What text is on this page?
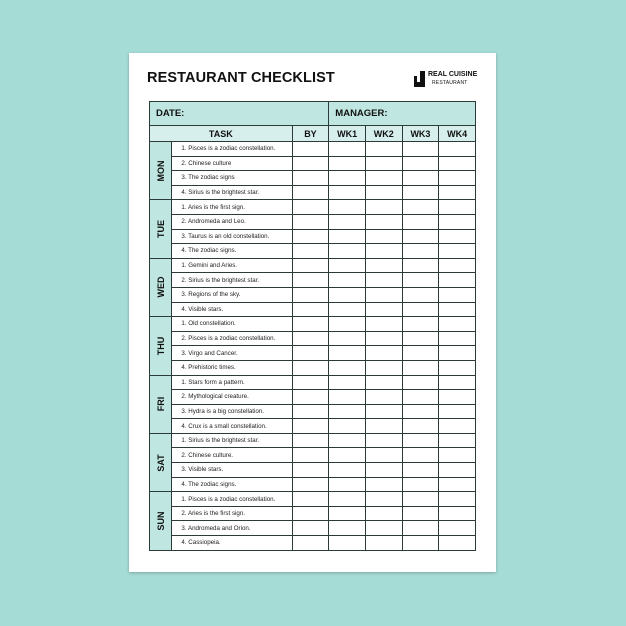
RESTAURANT CHECKLIST	REAL CUISINE
RESTAURANT
DATE:			MANAGER:			
TASK		BY	WK1	WK2	WK3	WK4

MON	1. Pisces is a zodiac constellation.					
	2. Chinese culture					
	3. The zodiac signs					
	4. Sirius is the brightest star.					

TUE	1. Aries is the first sign.					
	2. Andromeda and Leo.					
	3. Taurus is an old constellation.					
	4. The zodiac signs.					

WED	1. Gemini and Aries.					
	2. Sirius is the brightest star.					
	3. Regions of the sky.					
	4. Visible stars.					

THU	1. Old constellation.					
	2. Pisces is a zodiac constellation.					
	3. Virgo and Cancer.					
	4. Prehistoric times.					

FRI	1. Stars form a pattern.					
	2. Mythological creature.					
	3. Hydra is a big constellation.					
	4. Crux is a small constellation.					

SAT	1. Sirius is the brightest star.					
	2. Chinese culture.					
	3. Visible stars.					
	4. The zodiac signs.					

SUN	1. Pisces is a zodiac constellation.					
	2. Aries is the first sign.					
	3. Andromeda and Orion.					
	4. Cassiopeia.					
